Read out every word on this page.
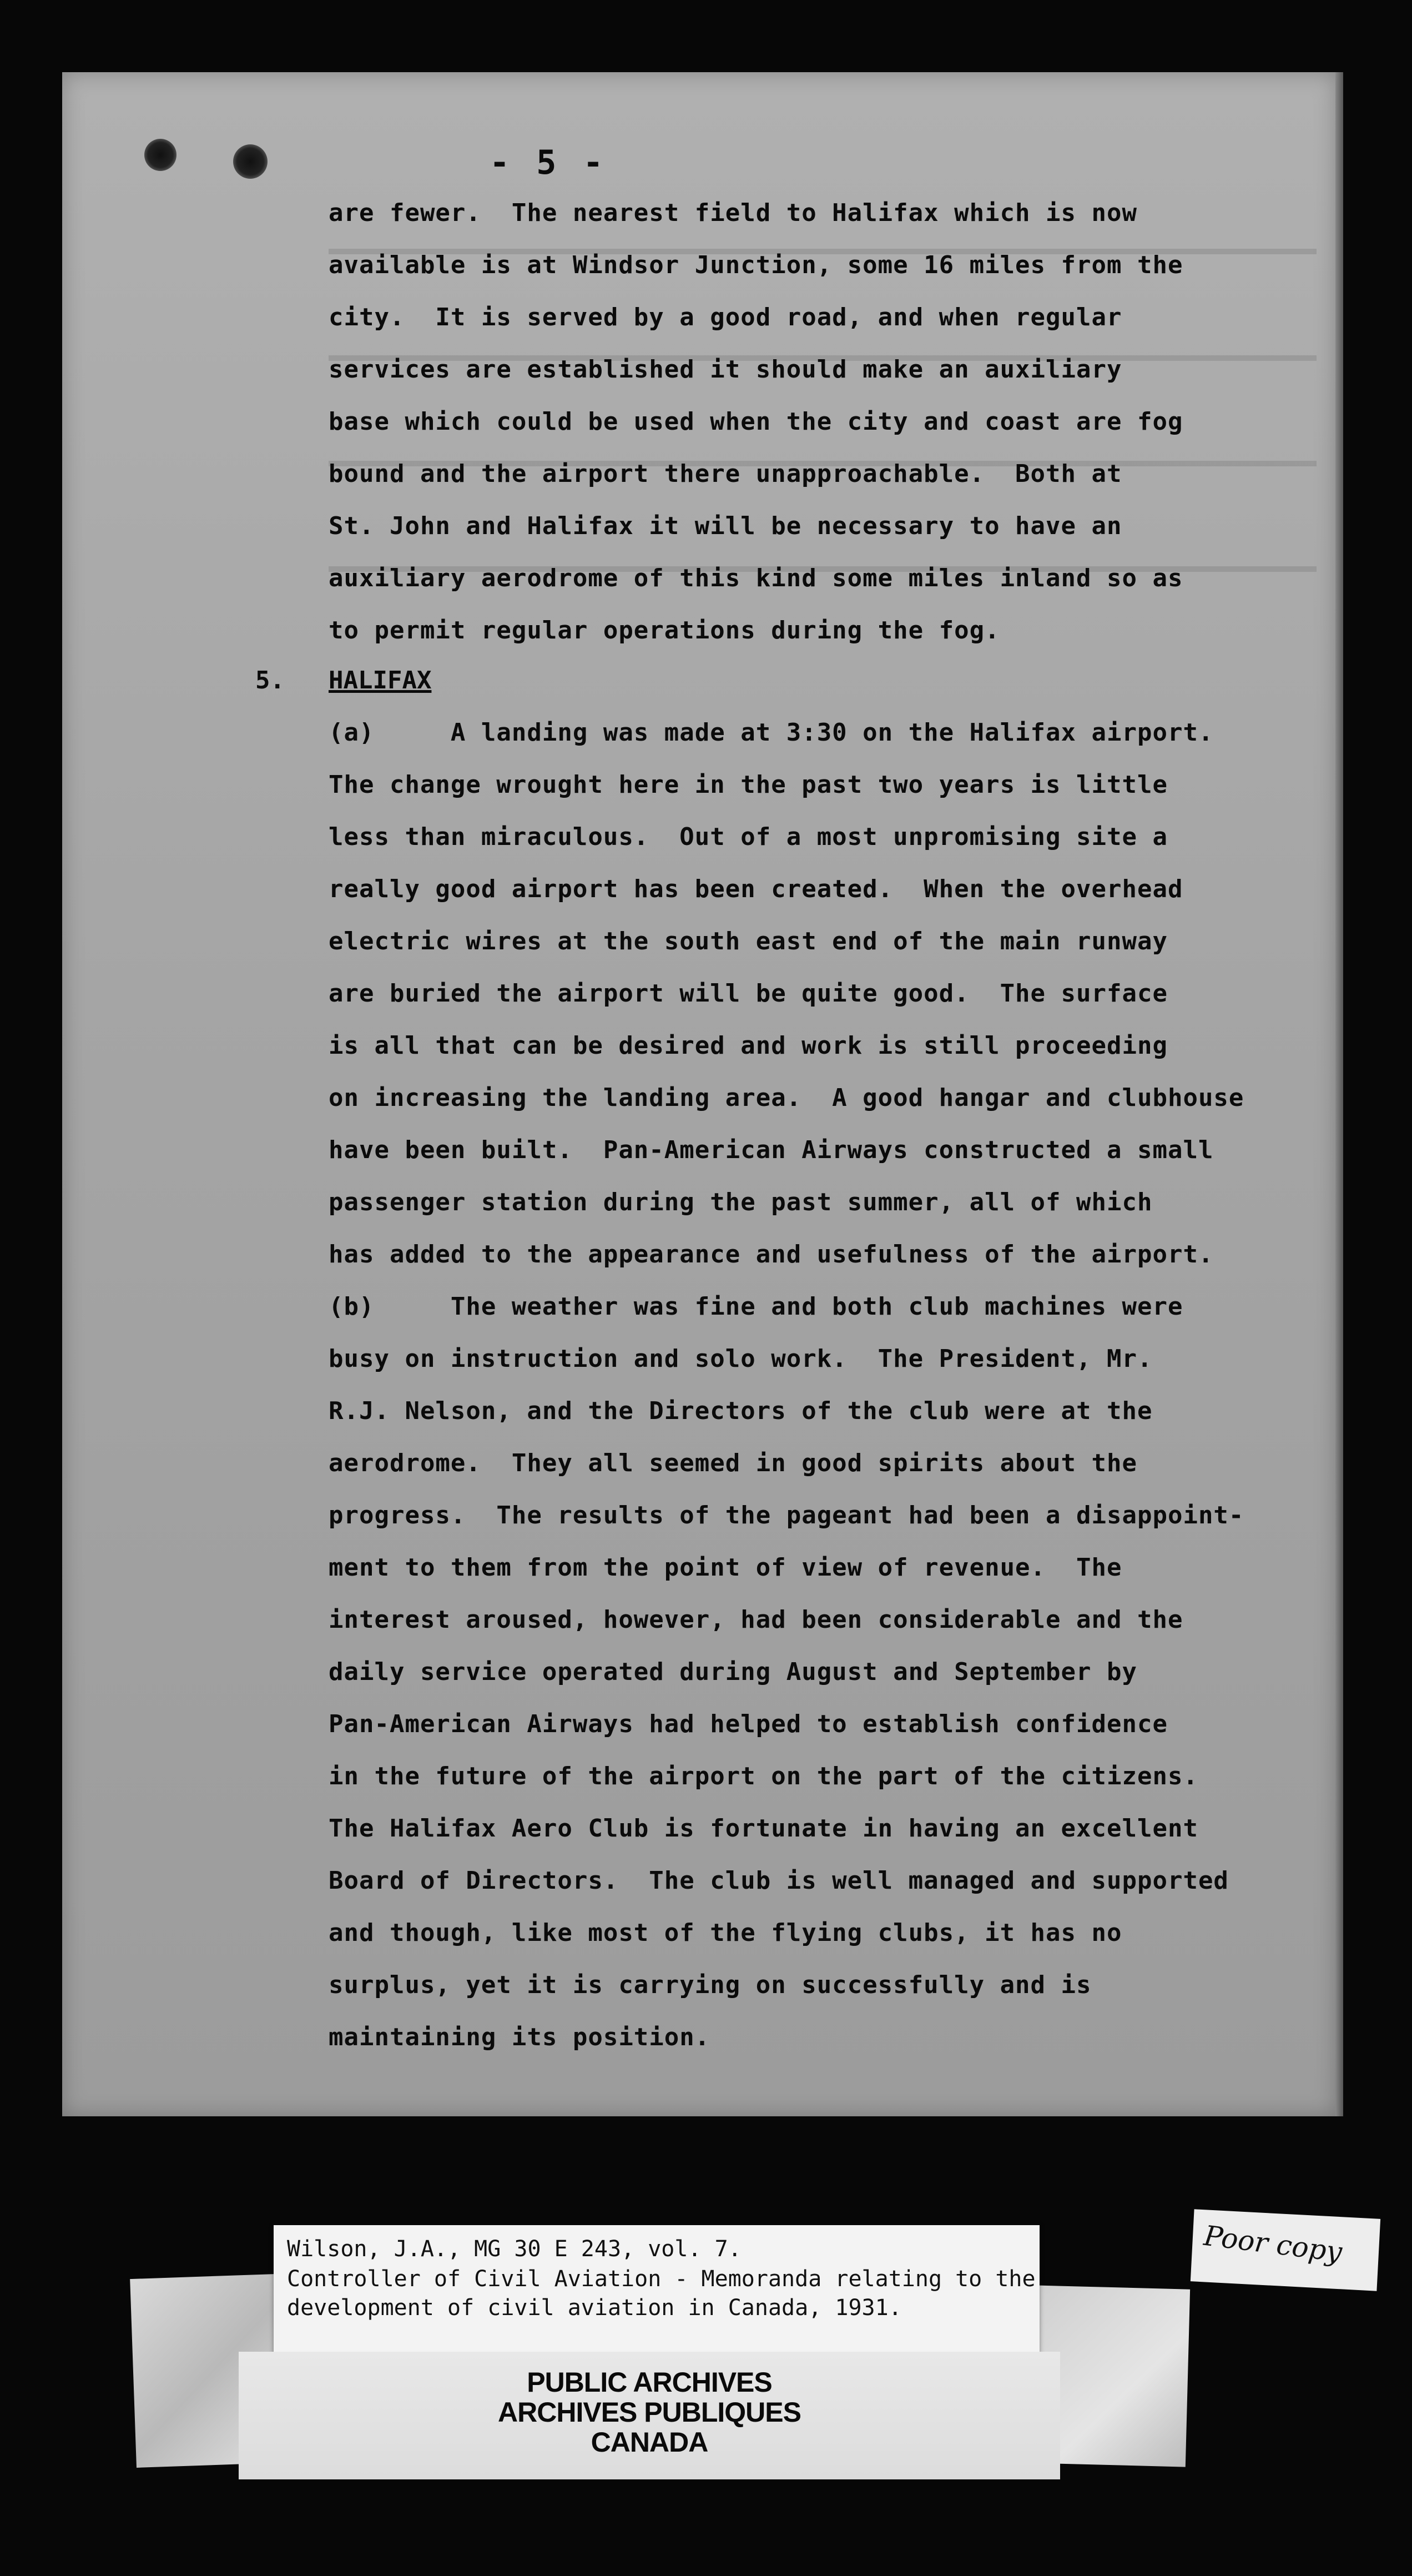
- 5 -
are fewer.  The nearest field to Halifax which is now
available is at Windsor Junction, some 16 miles from the
city.  It is served by a good road, and when regular
services are established it should make an auxiliary
base which could be used when the city and coast are fog
bound and the airport there unapproachable.  Both at
St. John and Halifax it will be necessary to have an
auxiliary aerodrome of this kind some miles inland so as
to permit regular operations during the fog.
5. HALIFAX
(a)     A landing was made at 3:30 on the Halifax airport.
The change wrought here in the past two years is little
less than miraculous.  Out of a most unpromising site a
really good airport has been created.  When the overhead
electric wires at the south east end of the main runway
are buried the airport will be quite good.  The surface
is all that can be desired and work is still proceeding
on increasing the landing area.  A good hangar and clubhouse
have been built.  Pan-American Airways constructed a small
passenger station during the past summer, all of which
has added to the appearance and usefulness of the airport.
(b)     The weather was fine and both club machines were
busy on instruction and solo work.  The President, Mr.
R.J. Nelson, and the Directors of the club were at the
aerodrome.  They all seemed in good spirits about the
progress.  The results of the pageant had been a disappoint-
ment to them from the point of view of revenue.  The
interest aroused, however, had been considerable and the
daily service operated during August and September by
Pan-American Airways had helped to establish confidence
in the future of the airport on the part of the citizens.
The Halifax Aero Club is fortunate in having an excellent
Board of Directors.  The club is well managed and supported
and though, like most of the flying clubs, it has no
surplus, yet it is carrying on successfully and is
maintaining its position.
Wilson, J.A., MG 30 E 243, vol. 7.
Controller of Civil Aviation - Memoranda relating to the
development of civil aviation in Canada, 1931.
PUBLIC ARCHIVES
ARCHIVES PUBLIQUES
CANADA
Poor copy
